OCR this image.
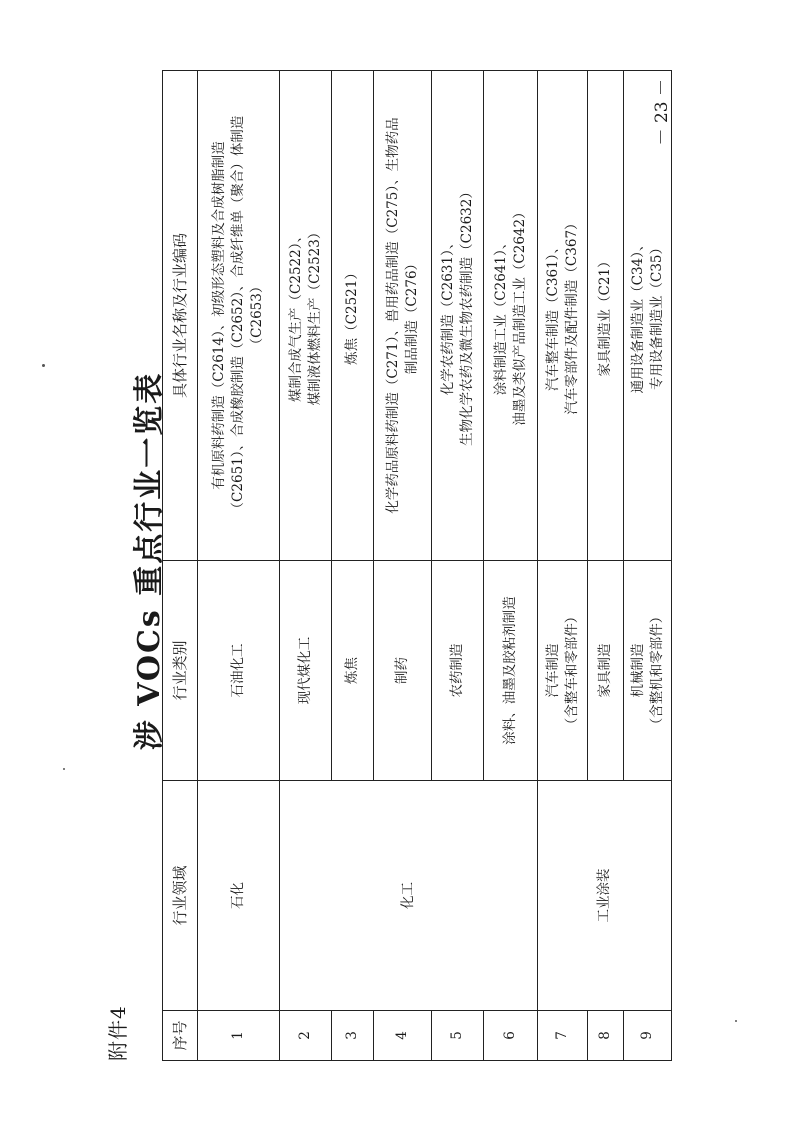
附件4
涉 VOCs 重点行业一览表
序号	行业领域	行业类别	具体行业名称及行业编码
1	石化	石油化工	有机原料药制造（C2614）、初级形态塑料及合成树脂制造 （C2651）、合成橡胶制造（C2652）、合成纤维单（聚合）体制造 （C2653）

2	化工	现代煤化工	煤制合成气生产（C2522）、 煤制液体燃料生产（C2523）

3		炼焦	炼焦（C2521）

4		制药	化学药品原料药制造（C271）、兽用药品制造（C275）、生物药品 制品制造（C276）

5		农药制造	化学农药制造（C2631）、 生物化学农药及微生物农药制造（C2632）

6		涂料、油墨及胶粘剂制造	涂料制造工业（C2641）、 油墨及类似产品制造工业（C2642）

7	工业涂装	汽车制造 （含整车和零部件）	汽车整车制造（C361）、 汽车零部件及配件制造（C367）

8		家具制造	家具制造业（C21）

9		机械制造 （含整机和零部件）	通用设备制造业（C34）、 专用设备制造业（C35）
－ 23 －
